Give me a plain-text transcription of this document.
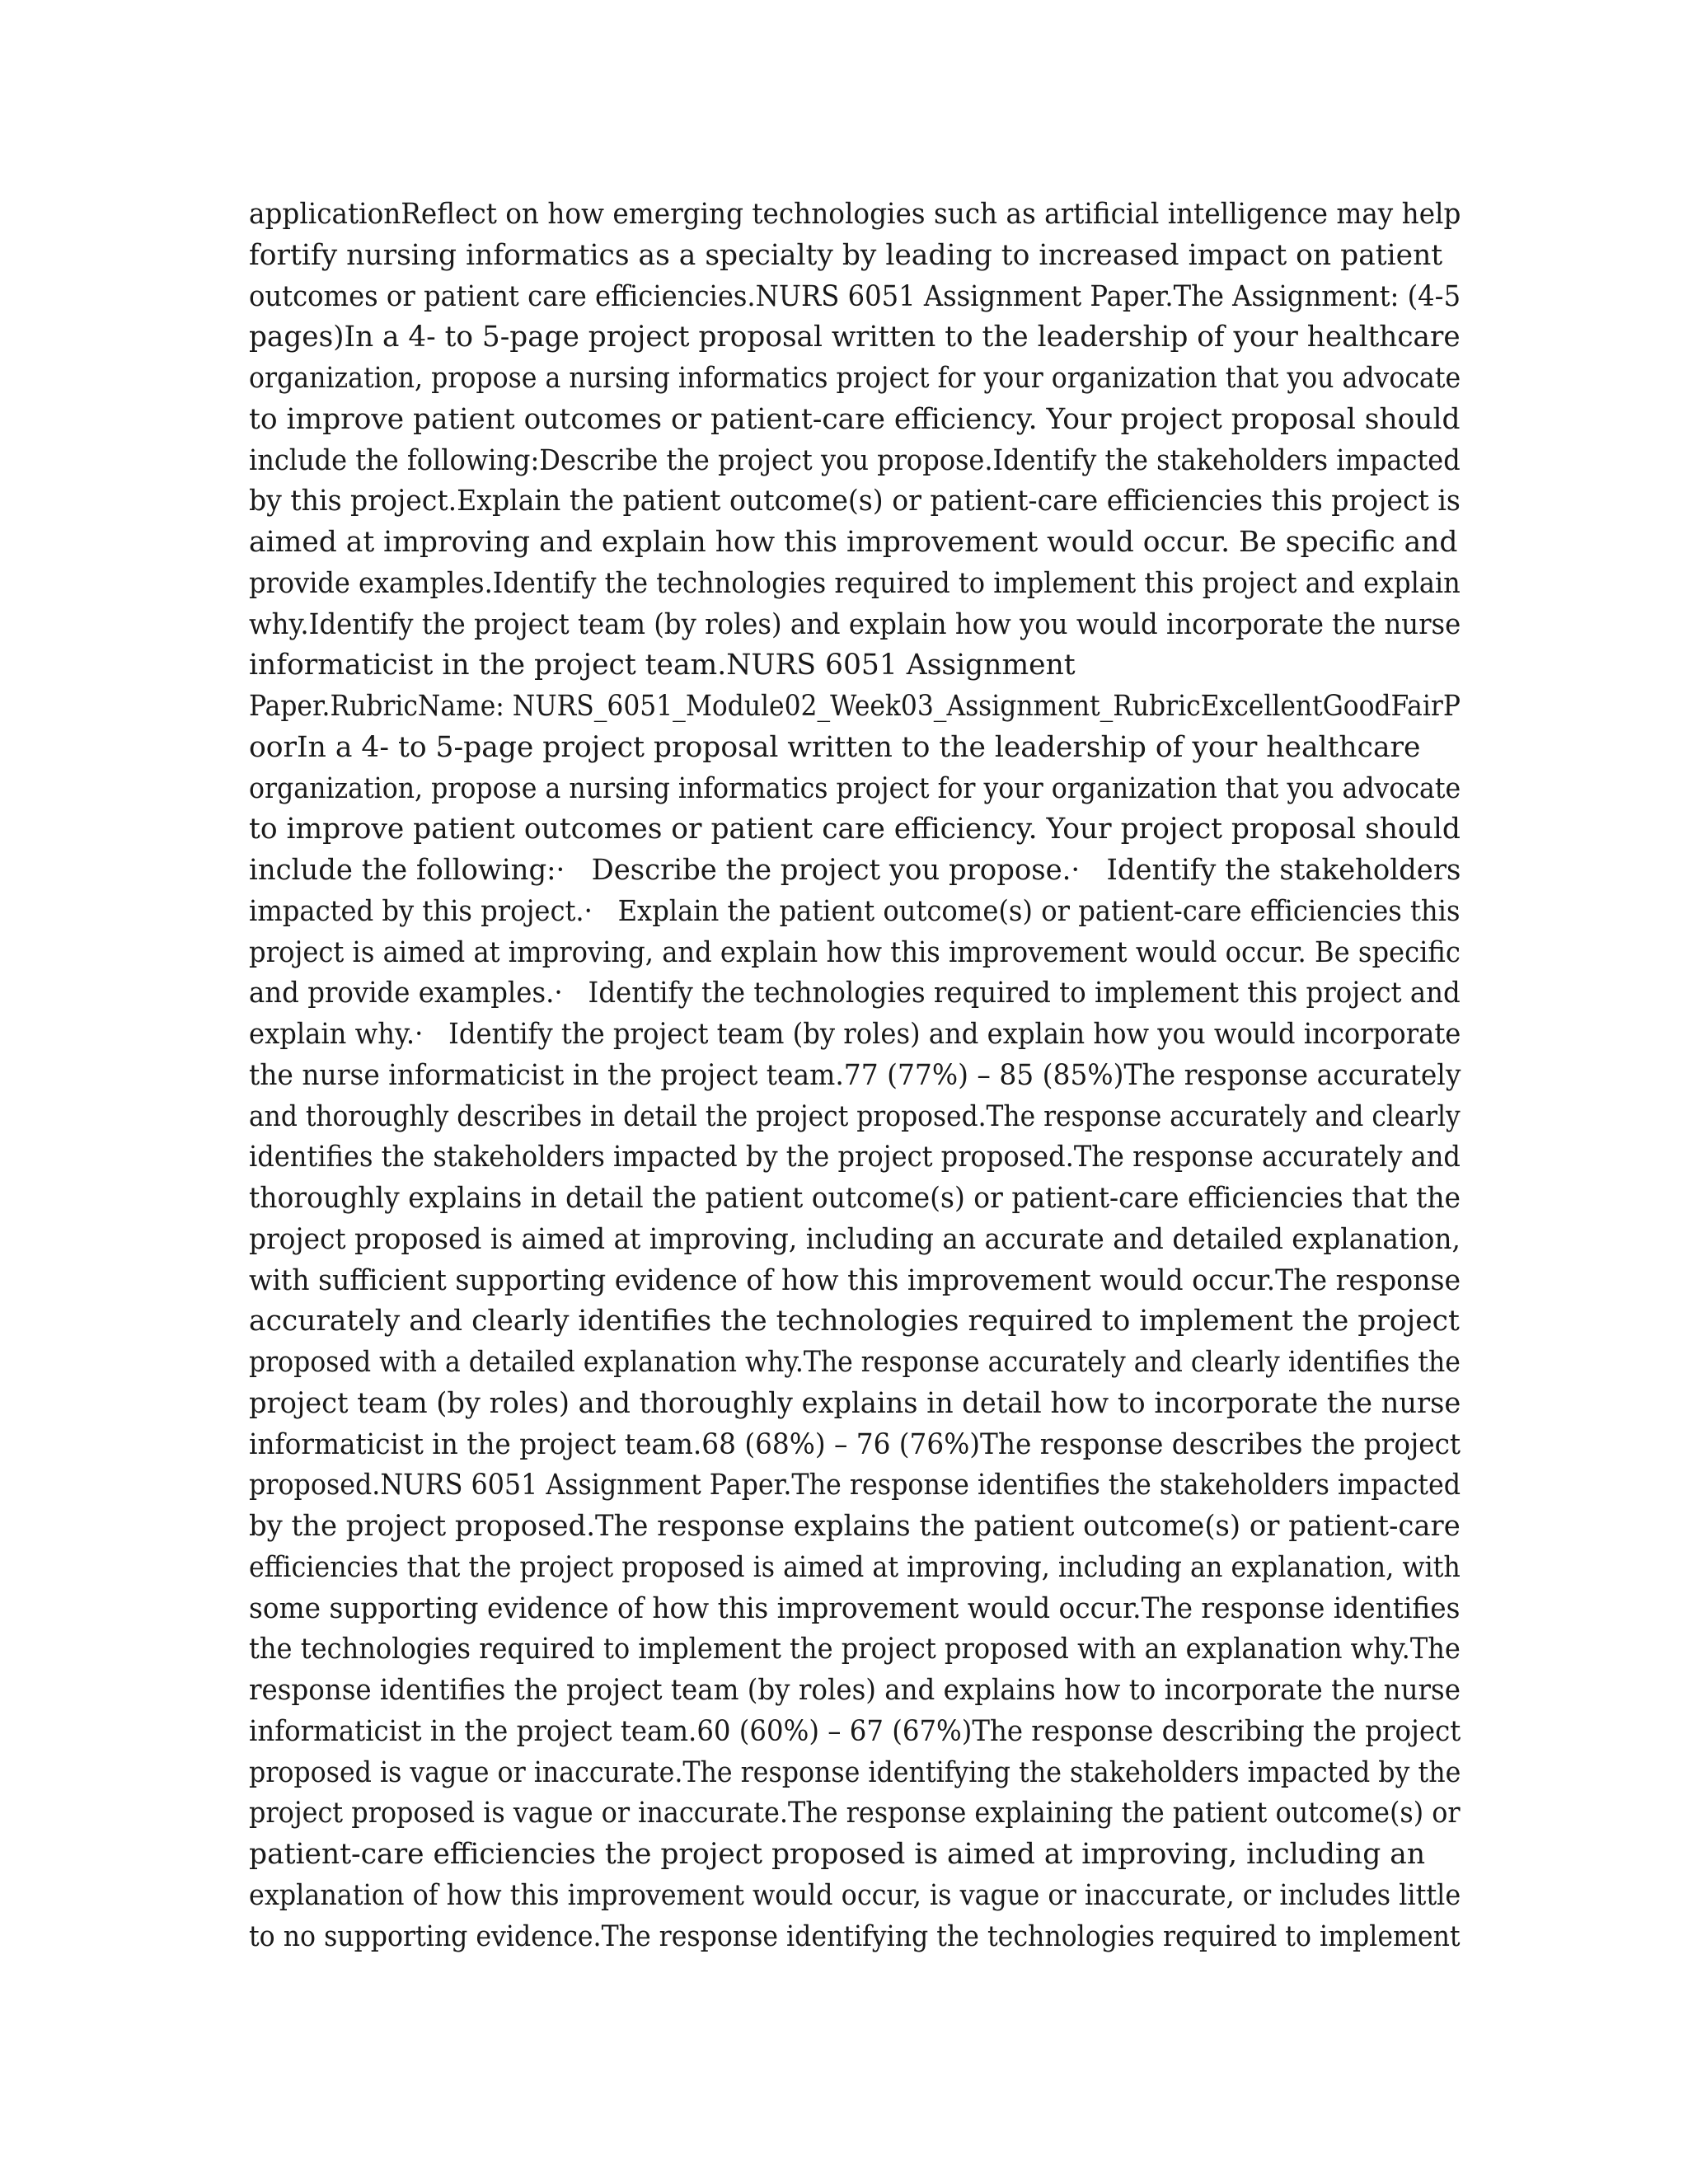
applicationReflect on how emerging technologies such as artificial intelligence may help
fortify nursing informatics as a specialty by leading to increased impact on patient
outcomes or patient care efficiencies.NURS 6051 Assignment Paper.The Assignment: (4-5
pages)In a 4- to 5-page project proposal written to the leadership of your healthcare
organization, propose a nursing informatics project for your organization that you advocate
to improve patient outcomes or patient-care efficiency. Your project proposal should
include the following:Describe the project you propose.Identify the stakeholders impacted
by this project.Explain the patient outcome(s) or patient-care efficiencies this project is
aimed at improving and explain how this improvement would occur. Be specific and
provide examples.Identify the technologies required to implement this project and explain
why.Identify the project team (by roles) and explain how you would incorporate the nurse
informaticist in the project team.NURS 6051 Assignment
Paper.RubricName: NURS_6051_Module02_Week03_Assignment_RubricExcellentGoodFairP
oorIn a 4- to 5-page project proposal written to the leadership of your healthcare
organization, propose a nursing informatics project for your organization that you advocate
to improve patient outcomes or patient care efficiency. Your project proposal should
include the following:·   Describe the project you propose.·   Identify the stakeholders
impacted by this project.·   Explain the patient outcome(s) or patient-care efficiencies this
project is aimed at improving, and explain how this improvement would occur. Be specific
and provide examples.·   Identify the technologies required to implement this project and
explain why.·   Identify the project team (by roles) and explain how you would incorporate
the nurse informaticist in the project team.77 (77%) – 85 (85%)The response accurately
and thoroughly describes in detail the project proposed.The response accurately and clearly
identifies the stakeholders impacted by the project proposed.The response accurately and
thoroughly explains in detail the patient outcome(s) or patient-care efficiencies that the
project proposed is aimed at improving, including an accurate and detailed explanation,
with sufficient supporting evidence of how this improvement would occur.The response
accurately and clearly identifies the technologies required to implement the project
proposed with a detailed explanation why.The response accurately and clearly identifies the
project team (by roles) and thoroughly explains in detail how to incorporate the nurse
informaticist in the project team.68 (68%) – 76 (76%)The response describes the project
proposed.NURS 6051 Assignment Paper.The response identifies the stakeholders impacted
by the project proposed.The response explains the patient outcome(s) or patient-care
efficiencies that the project proposed is aimed at improving, including an explanation, with
some supporting evidence of how this improvement would occur.The response identifies
the technologies required to implement the project proposed with an explanation why.The
response identifies the project team (by roles) and explains how to incorporate the nurse
informaticist in the project team.60 (60%) – 67 (67%)The response describing the project
proposed is vague or inaccurate.The response identifying the stakeholders impacted by the
project proposed is vague or inaccurate.The response explaining the patient outcome(s) or
patient-care efficiencies the project proposed is aimed at improving, including an
explanation of how this improvement would occur, is vague or inaccurate, or includes little
to no supporting evidence.The response identifying the technologies required to implement
